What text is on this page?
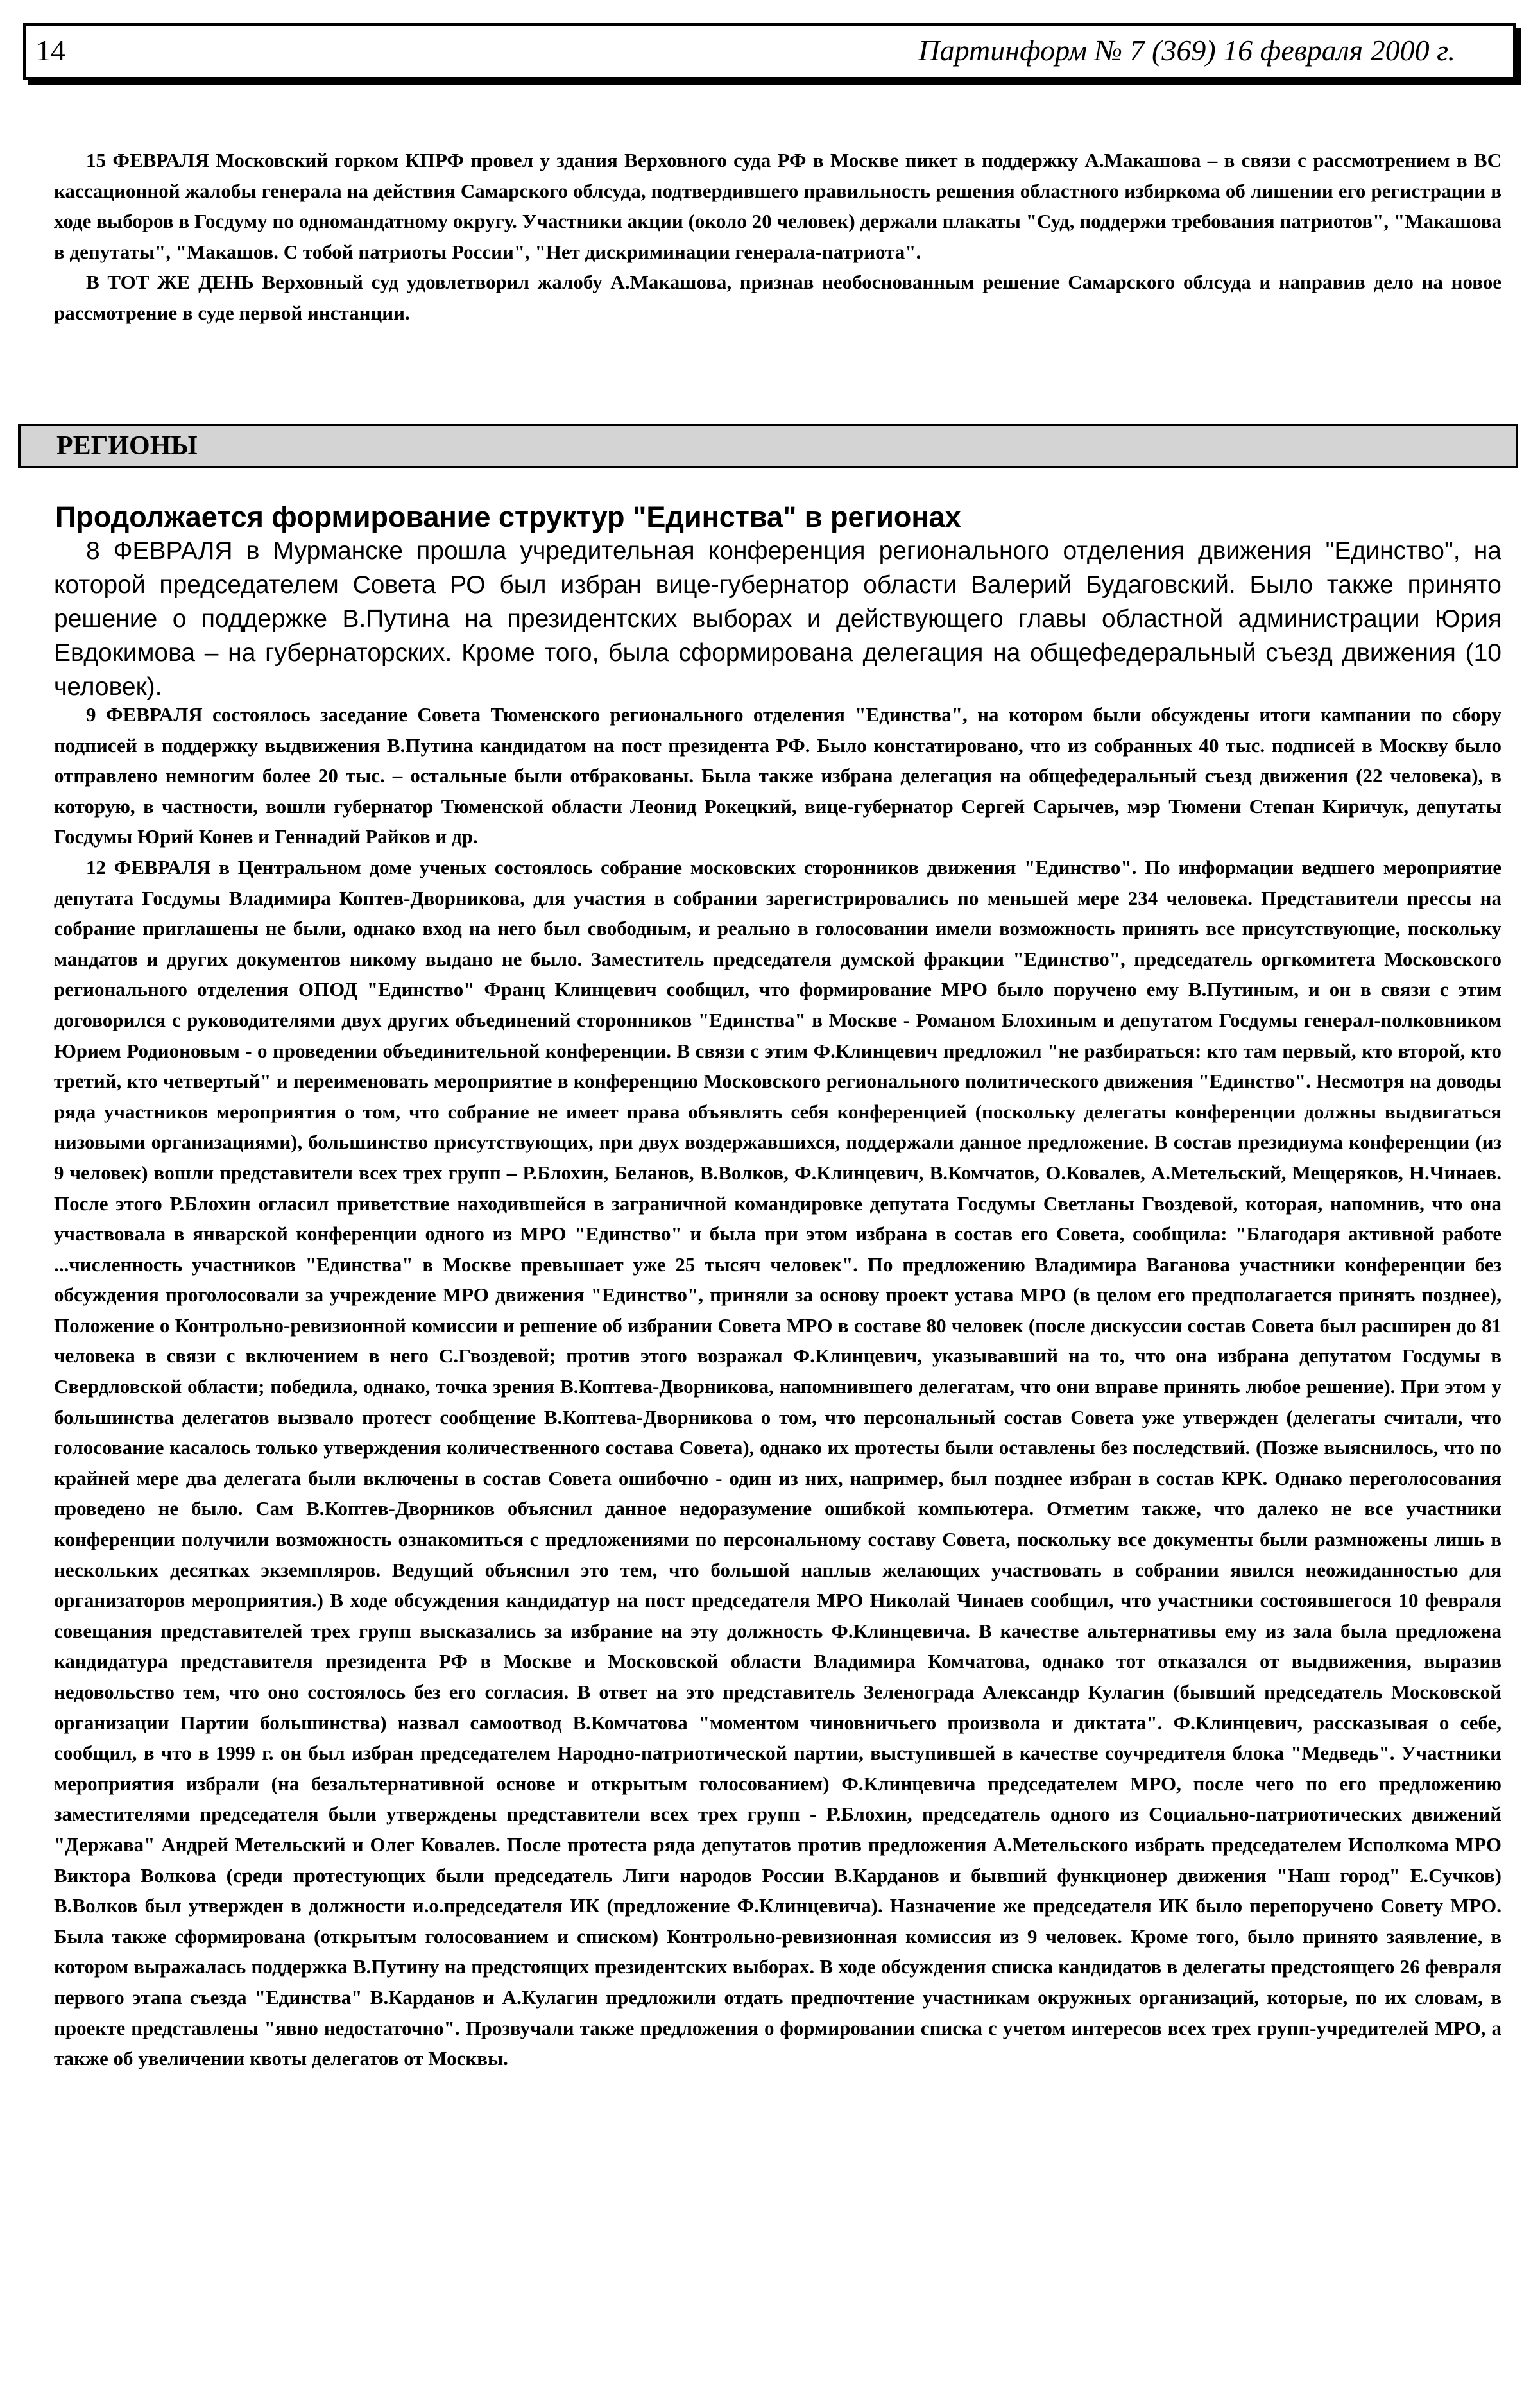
14	Партинформ № 7 (369) 16 февраля 2000 г.

15 ФЕВРАЛЯ Московский горком КПРФ провел у здания Верховного суда РФ в Москве пикет в поддержку А.Макашова – в связи с рассмотрением в ВС кассационной жалобы генерала на действия Самарского облсуда, подтвердившего правильность решения областного избиркома об лишении его регистрации в ходе выборов в Госдуму по одномандатному округу. Участники акции (около 20 человек) держали плакаты "Суд, поддержи требования патриотов", "Макашова в депутаты", "Макашов. С тобой патриоты России", "Нет дискриминации генерала-патриота".

В ТОТ ЖЕ ДЕНЬ Верховный суд удовлетворил жалобу А.Макашова, признав необоснованным решение Самарского облсуда и направив дело на новое рассмотрение в суде первой инстанции.

РЕГИОНЫ
Продолжается формирование структур "Единства" в регионах

8 ФЕВРАЛЯ в Мурманске прошла учредительная конференция регионального отделения движения "Единство", на которой председателем Совета РО был избран вице-губернатор области Валерий Будаговский. Было также принято решение о поддержке В.Путина на президентских выборах и действующего главы областной администрации Юрия Евдокимова – на губернаторских. Кроме того, была сформирована делегация на общефедеральный съезд движения (10 человек).

9 ФЕВРАЛЯ состоялось заседание Совета Тюменского регионального отделения "Единства", на котором были обсуждены итоги кампании по сбору подписей в поддержку выдвижения В.Путина кандидатом на пост президента РФ. Было констатировано, что из собранных 40 тыс. подписей в Москву было отправлено немногим более 20 тыс. – остальные были отбракованы. Была также избрана делегация на общефедеральный съезд движения (22 человека), в которую, в частности, вошли губернатор Тюменской области Леонид Рокецкий, вице-губернатор Сергей Сарычев, мэр Тюмени Степан Киричук, депутаты Госдумы Юрий Конев и Геннадий Райков и др.

12 ФЕВРАЛЯ в Центральном доме ученых состоялось собрание московских сторонников движения "Единство". По информации ведшего мероприятие депутата Госдумы Владимира Коптев-Дворникова, для участия в собрании зарегистрировались по меньшей мере 234 человека. Представители прессы на собрание приглашены не были, однако вход на него был свободным, и реально в голосовании имели возможность принять все присутствующие, поскольку мандатов и других документов никому выдано не было. Заместитель председателя думской фракции "Единство", председатель оргкомитета Московского регионального отделения ОПОД "Единство" Франц Клинцевич сообщил, что формирование МРО было поручено ему В.Путиным, и он в связи с этим договорился с руководителями двух других объединений сторонников "Единства" в Москве - Романом Блохиным и депутатом Госдумы генерал-полковником Юрием Родионовым - о проведении объединительной конференции. В связи с этим Ф.Клинцевич предложил "не разбираться: кто там первый, кто второй, кто третий, кто четвертый" и переименовать мероприятие в конференцию Московского регионального политического движения "Единство". Несмотря на доводы ряда участников мероприятия о том, что собрание не имеет права объявлять себя конференцией (поскольку делегаты конференции должны выдвигаться низовыми организациями), большинство присутствующих, при двух воздержавшихся, поддержали данное предложение. В состав президиума конференции (из 9 человек) вошли представители всех трех групп – Р.Блохин, Беланов, В.Волков, Ф.Клинцевич, В.Комчатов, О.Ковалев, А.Метельский, Мещеряков, Н.Чинаев. После этого Р.Блохин огласил приветствие находившейся в заграничной командировке депутата Госдумы Светланы Гвоздевой, которая, напомнив, что она участвовала в январской конференции одного из МРО "Единство" и была при этом избрана в состав его Совета, сообщила: "Благодаря активной работе ...численность участников "Единства" в Москве превышает уже 25 тысяч человек". По предложению Владимира Ваганова участники конференции без обсуждения проголосовали за учреждение МРО движения "Единство", приняли за основу проект устава МРО (в целом его предполагается принять позднее), Положение о Контрольно-ревизионной комиссии и решение об избрании Совета МРО в составе 80 человек (после дискуссии состав Совета был расширен до 81 человека в связи с включением в него С.Гвоздевой; против этого возражал Ф.Клинцевич, указывавший на то, что она избрана депутатом Госдумы в Свердловской области; победила, однако, точка зрения В.Коптева-Дворникова, напомнившего делегатам, что они вправе принять любое решение). При этом у большинства делегатов вызвало протест сообщение В.Коптева-Дворникова о том, что персональный состав Совета уже утвержден (делегаты считали, что голосование касалось только утверждения количественного состава Совета), однако их протесты были оставлены без последствий. (Позже выяснилось, что по крайней мере два делегата были включены в состав Совета ошибочно - один из них, например, был позднее избран в состав КРК. Однако переголосования проведено не было. Сам В.Коптев-Дворников объяснил данное недоразумение ошибкой компьютера. Отметим также, что далеко не все участники конференции получили возможность ознакомиться с предложениями по персональному составу Совета, поскольку все документы были размножены лишь в нескольких десятках экземпляров. Ведущий объяснил это тем, что большой наплыв желающих участвовать в собрании явился неожиданностью для организаторов мероприятия.) В ходе обсуждения кандидатур на пост председателя МРО Николай Чинаев сообщил, что участники состоявшегося 10 февраля совещания представителей трех групп высказались за избрание на эту должность Ф.Клинцевича. В качестве альтернативы ему из зала была предложена кандидатура представителя президента РФ в Москве и Московской области Владимира Комчатова, однако тот отказался от выдвижения, выразив недовольство тем, что оно состоялось без его согласия. В ответ на это представитель Зеленограда Александр Кулагин (бывший председатель Московской организации Партии большинства) назвал самоотвод В.Комчатова "моментом чиновничьего произвола и диктата". Ф.Клинцевич, рассказывая о себе, сообщил, в что в 1999 г. он был избран председателем Народно-патриотической партии, выступившей в качестве соучредителя блока "Медведь". Участники мероприятия избрали (на безальтернативной основе и открытым голосованием) Ф.Клинцевича председателем МРО, после чего по его предложению заместителями председателя были утверждены представители всех трех групп - Р.Блохин, председатель одного из Социально-патриотических движений "Держава" Андрей Метельский и Олег Ковалев. После протеста ряда депутатов против предложения А.Метельского избрать председателем Исполкома МРО Виктора Волкова (среди протестующих были председатель Лиги народов России В.Карданов и бывший функционер движения "Наш город" Е.Сучков) В.Волков был утвержден в должности и.о.председателя ИК (предложение Ф.Клинцевича). Назначение же председателя ИК было перепоручено Совету МРО. Была также сформирована (открытым голосованием и списком) Контрольно-ревизионная комиссия из 9 человек. Кроме того, было принято заявление, в котором выражалась поддержка В.Путину на предстоящих президентских выборах. В ходе обсуждения списка кандидатов в делегаты предстоящего 26 февраля первого этапа съезда "Единства" В.Карданов и А.Кулагин предложили отдать предпочтение участникам окружных организаций, которые, по их словам, в проекте представлены "явно недостаточно". Прозвучали также предложения о формировании списка с учетом интересов всех трех групп-учредителей МРО, а также об увеличении квоты делегатов от Москвы.
